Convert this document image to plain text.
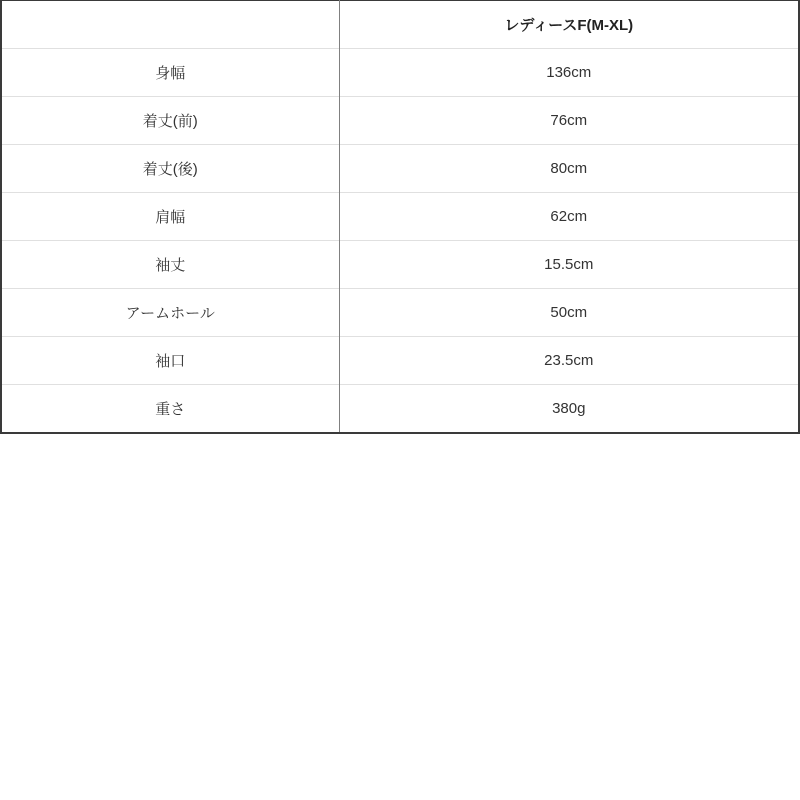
	レディースF(M-XL)
身幅	136cm
着丈(前)	76cm
着丈(後)	80cm
肩幅	62cm
袖丈	15.5cm
アームホール	50cm
袖口	23.5cm
重さ	380g
